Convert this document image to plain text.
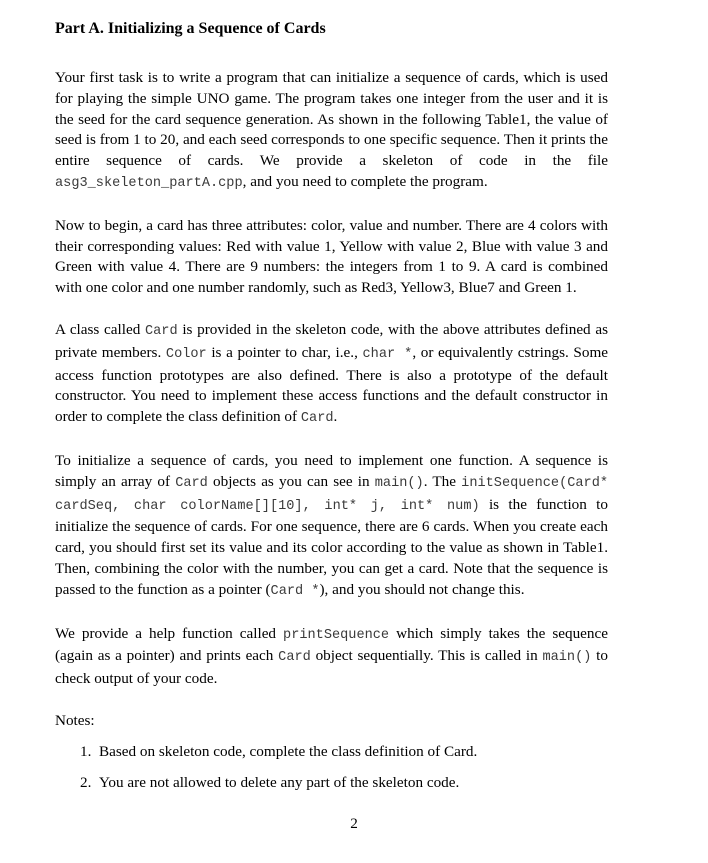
Part A. Initializing a Sequence of Cards

Your first task is to write a program that can initialize a sequence of cards, which is used for playing the simple UNO game. The program takes one integer from the user and it is the seed for the card sequence generation. As shown in the following Table1, the value of seed is from 1 to 20, and each seed corresponds to one specific sequence. Then it prints the entire sequence of cards. We provide a skeleton of code in the file asg3_skeleton_partA.cpp, and you need to complete the program.

Now to begin, a card has three attributes: color, value and number. There are 4 colors with their corresponding values: Red with value 1, Yellow with value 2, Blue with value 3 and Green with value 4. There are 9 numbers: the integers from 1 to 9. A card is combined with one color and one number randomly, such as Red3, Yellow3, Blue7 and Green 1.

A class called Card is provided in the skeleton code, with the above attributes defined as private members. Color is a pointer to char, i.e., char *, or equivalently cstrings. Some access function prototypes are also defined. There is also a prototype of the default constructor. You need to implement these access functions and the default constructor in order to complete the class definition of Card.

To initialize a sequence of cards, you need to implement one function. A sequence is simply an array of Card objects as you can see in main(). The initSequence(Card* cardSeq, char colorName[][10], int* j, int* num) is the function to initialize the sequence of cards. For one sequence, there are 6 cards. When you create each card, you should first set its value and its color according to the value as shown in Table1. Then, combining the color with the number, you can get a card. Note that the sequence is passed to the function as a pointer (Card *), and you should not change this.

We provide a help function called printSequence which simply takes the sequence (again as a pointer) and prints each Card object sequentially. This is called in main() to check output of your code.

Notes:
1. Based on skeleton code, complete the class definition of Card.
2. You are not allowed to delete any part of the skeleton code.
2
